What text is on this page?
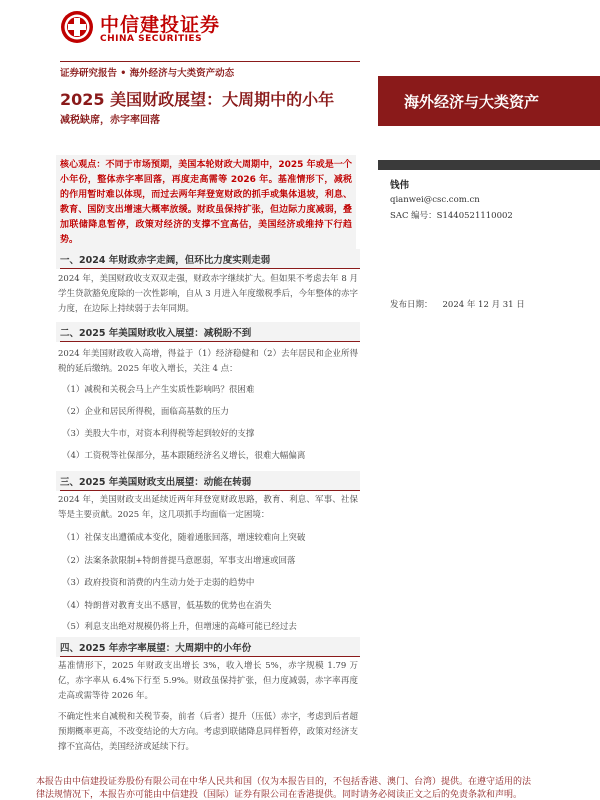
中信建投证券
CHINA SECURITIES
证券研究报告 • 海外经济与大类资产动态
2025 美国财政展望：大周期中的小年
减税缺席，赤字率回落
海外经济与大类资产
核心观点：不同于市场预期，美国本轮财政大周期中，2025 年或是一个小年份，整体赤字率回落，再度走高需等 2026 年。基准情形下，减税的作用暂时难以体现，而过去两年拜登宽财政的抓手或集体退坡，利息、教育、国防支出增速大概率放缓。财政虽保持扩张，但边际力度减弱，叠加联储降息暂停，政策对经济的支撑不宜高估，美国经济或维持下行趋势。
钱伟
qianwei@csc.com.cn
SAC 编号：S1440521110002
发布日期： 2024 年 12 月 31 日
一、2024 年财政赤字走阔，但环比力度实则走弱
2024 年，美国财政收支双双走强，财政赤字继续扩大。但如果不考虑去年 8 月学生贷款豁免度除的一次性影响，自从 3 月进入年度缴税季后，今年整体的赤字力度，在边际上持续弱于去年同期。
二、2025 年美国财政收入展望：减税盼不到
2024 年美国财政收入高增，得益于（1）经济稳健和（2）去年居民和企业所得税的延后缴纳。2025 年收入增长，关注 4 点：
（1）减税和关税会马上产生实质性影响吗？很困难
（2）企业和居民所得税，面临高基数的压力
（3）美股大牛市，对资本利得税等起到较好的支撑
（4）工资税等社保部分，基本跟随经济名义增长，很难大幅偏离
三、2025 年美国财政支出展望：动能在转弱
2024 年，美国财政支出延续近两年拜登宽财政思路，教育、利息、军事、社保等是主要贡献。2025 年，这几项抓手均面临一定困境：
（1）社保支出遭循成本变化，随着通胀回落，增速较难向上突破
（2）法案条款限制+特朗普提马意愿弱，军事支出增速或回落
（3）政府投资和消费的内生动力处于走弱的趋势中
（4）特朗普对教育支出不感冒，低基数的优势也在消失
（5）利息支出绝对规模仍将上升，但增速的高峰可能已经过去
四、2025 年赤字率展望：大周期中的小年份
基准情形下，2025 年财政支出增长 3%，收入增长 5%，赤字规模 1.79 万亿，赤字率从 6.4%下行至 5.9%。财政虽保持扩张，但力度减弱，赤字率再度走高或需等待 2026 年。
不确定性来自减税和关税节奏，前者（后者）提升（压低）赤字，考虑到后者超预期概率更高，不改变结论的大方向。考虑到联储降息同样暂停，政策对经济支撑不宜高估，美国经济或延续下行。
本报告由中信建投证券股份有限公司在中华人民共和国（仅为本报告目的，不包括香港、澳门、台湾）提供。在遵守适用的法
律法规情况下，本报告亦可能由中信建投（国际）证券有限公司在香港提供。同时请务必阅读正文之后的免责条款和声明。
